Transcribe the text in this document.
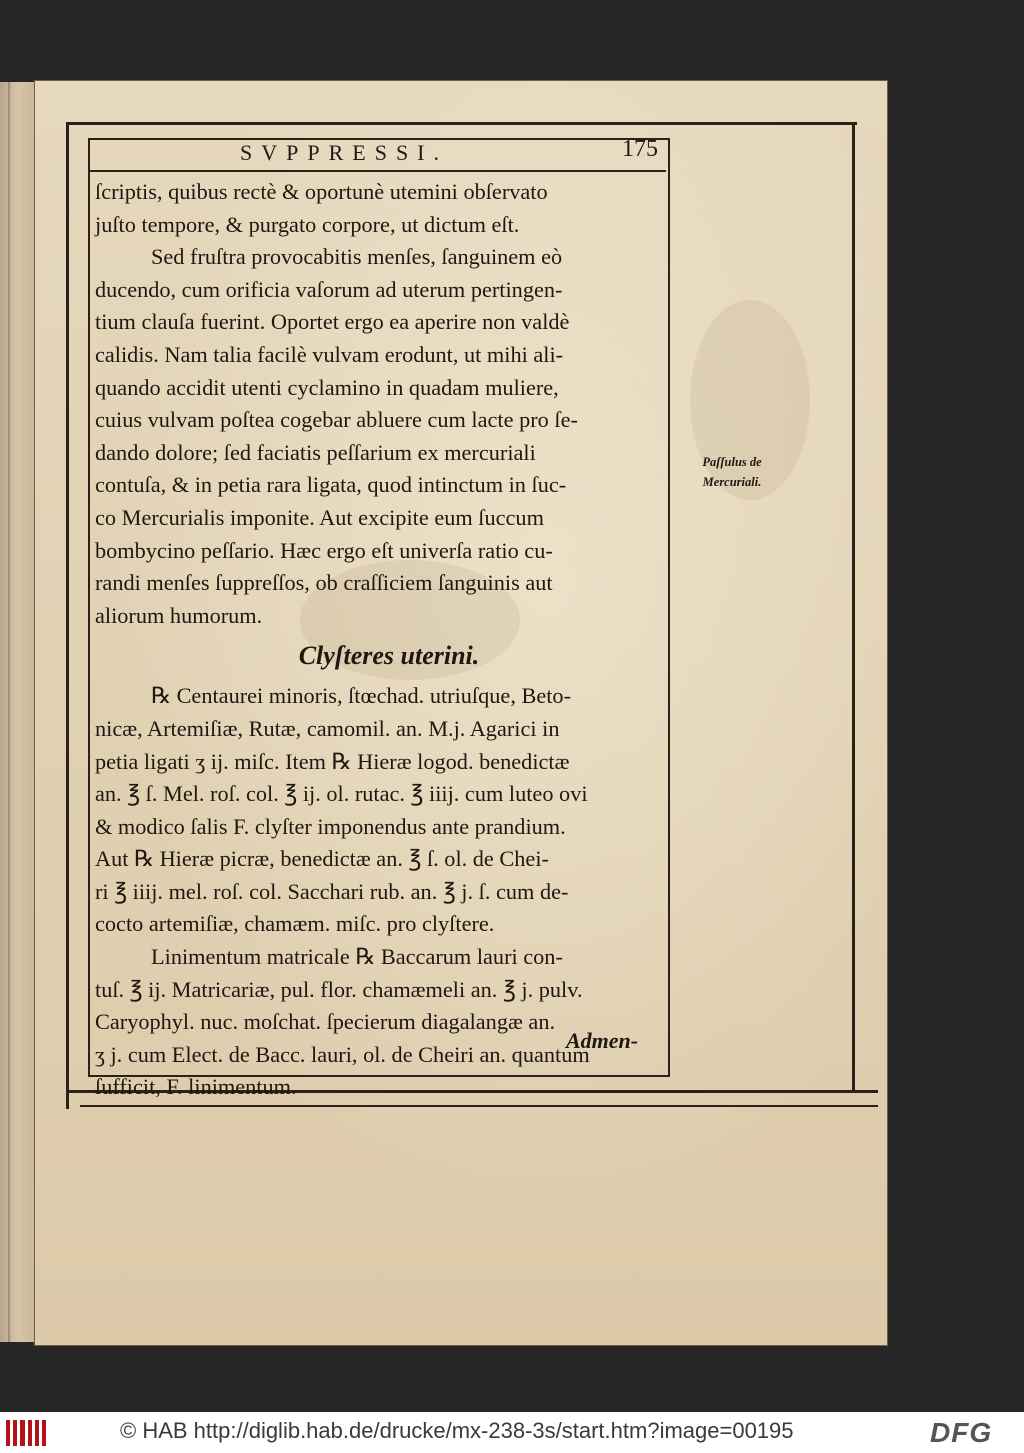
SVPPRESSI.	175
ſcriptis, quibus rectè & oportunè utemini obſervato
juſto tempore, & purgato corpore, ut dictum eſt.
Sed fruſtra provocabitis menſes, ſanguinem eò
ducendo, cum orificia vaſorum ad uterum pertingen-
tium clauſa fuerint. Oportet ergo ea aperire non valdè
calidis. Nam talia facilè vulvam erodunt, ut mihi ali-
quando accidit utenti cyclamino in quadam muliere,
cuius vulvam poſtea cogebar abluere cum lacte pro ſe-
dando dolore; ſed faciatis peſſarium ex mercuriali
contuſa, & in petia rara ligata, quod intinctum in ſuc-
co Mercurialis imponite. Aut excipite eum ſuccum
bombycino peſſario. Hæc ergo eſt univerſa ratio cu-
randi menſes ſuppreſſos, ob craſſiciem ſanguinis aut
aliorum humorum.
Clyſteres uterini.
℞ Centaurei minoris, ſtœchad. utriuſque, Beto-
nicæ, Artemiſiæ, Rutæ, camomil. an. M.j. Agarici in
petia ligati ʒ ij. miſc. Item ℞ Hieræ logod. benedictæ
an. ℥ ſ. Mel. roſ. col. ℥ ij. ol. rutac. ℥ iiij. cum luteo ovi
& modico ſalis F. clyſter imponendus ante prandium.
Aut ℞ Hieræ picræ, benedictæ an. ℥ ſ. ol. de Chei-
ri ℥ iiij. mel. roſ. col. Sacchari rub. an. ℥ j. ſ. cum de-
cocto artemiſiæ, chamæm. miſc. pro clyſtere.
Linimentum matricale ℞ Baccarum lauri con-
tuſ. ℥ ij. Matricariæ, pul. flor. chamæmeli an. ℥ j. pulv.
Caryophyl. nuc. moſchat. ſpecierum diagalangæ an.
ʒ j. cum Elect. de Bacc. lauri, ol. de Cheiri an. quantum
ſufficit, F. linimentum.
Admen-
Paſſulus de
Mercuriali.
© HAB http://diglib.hab.de/drucke/mx-238-3s/start.htm?image=00195	DFG
